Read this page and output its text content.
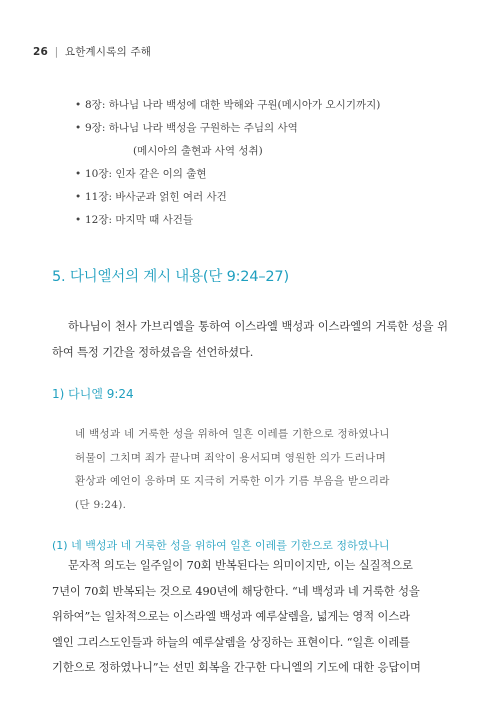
26 | 요한계시록의 주해
• 8장: 하나님 나라 백성에 대한 박해와 구원(메시아가 오시기까지)
• 9장: 하나님 나라 백성을 구원하는 주님의 사역
(메시아의 출현과 사역 성취)
• 10장: 인자 같은 이의 출현
• 11장: 바사군과 얽힌 여러 사건
• 12장: 마지막 때 사건들
5. 다니엘서의 계시 내용(단 9:24–27)

하나님이 천사 가브리엘을 통하여 이스라엘 백성과 이스라엘의 거룩한 성을 위하여 특정 기간을 정하셨음을 선언하셨다.

1) 다니엘 9:24
네 백성과 네 거룩한 성을 위하여 일흔 이레를 기한으로 정하였나니
허물이 그치며 죄가 끝나며 죄악이 용서되며 영원한 의가 드러나며
환상과 예언이 응하며 또 지극히 거룩한 이가 기름 부음을 받으리라
(단 9:24).
(1) 네 백성과 네 거룩한 성을 위하여 일흔 이레를 기한으로 정하였나니
문자적 의도는 일주일이 70회 반복된다는 의미이지만, 이는 실질적으로
7년이 70회 반복되는 것으로 490년에 해당한다. “네 백성과 네 거룩한 성을
위하여”는 일차적으로는 이스라엘 백성과 예루살렘을, 넓게는 영적 이스라
엘인 그리스도인들과 하늘의 예루살렘을 상징하는 표현이다. “일흔 이레를
기한으로 정하였나니”는 선민 회복을 간구한 다니엘의 기도에 대한 응답이며
